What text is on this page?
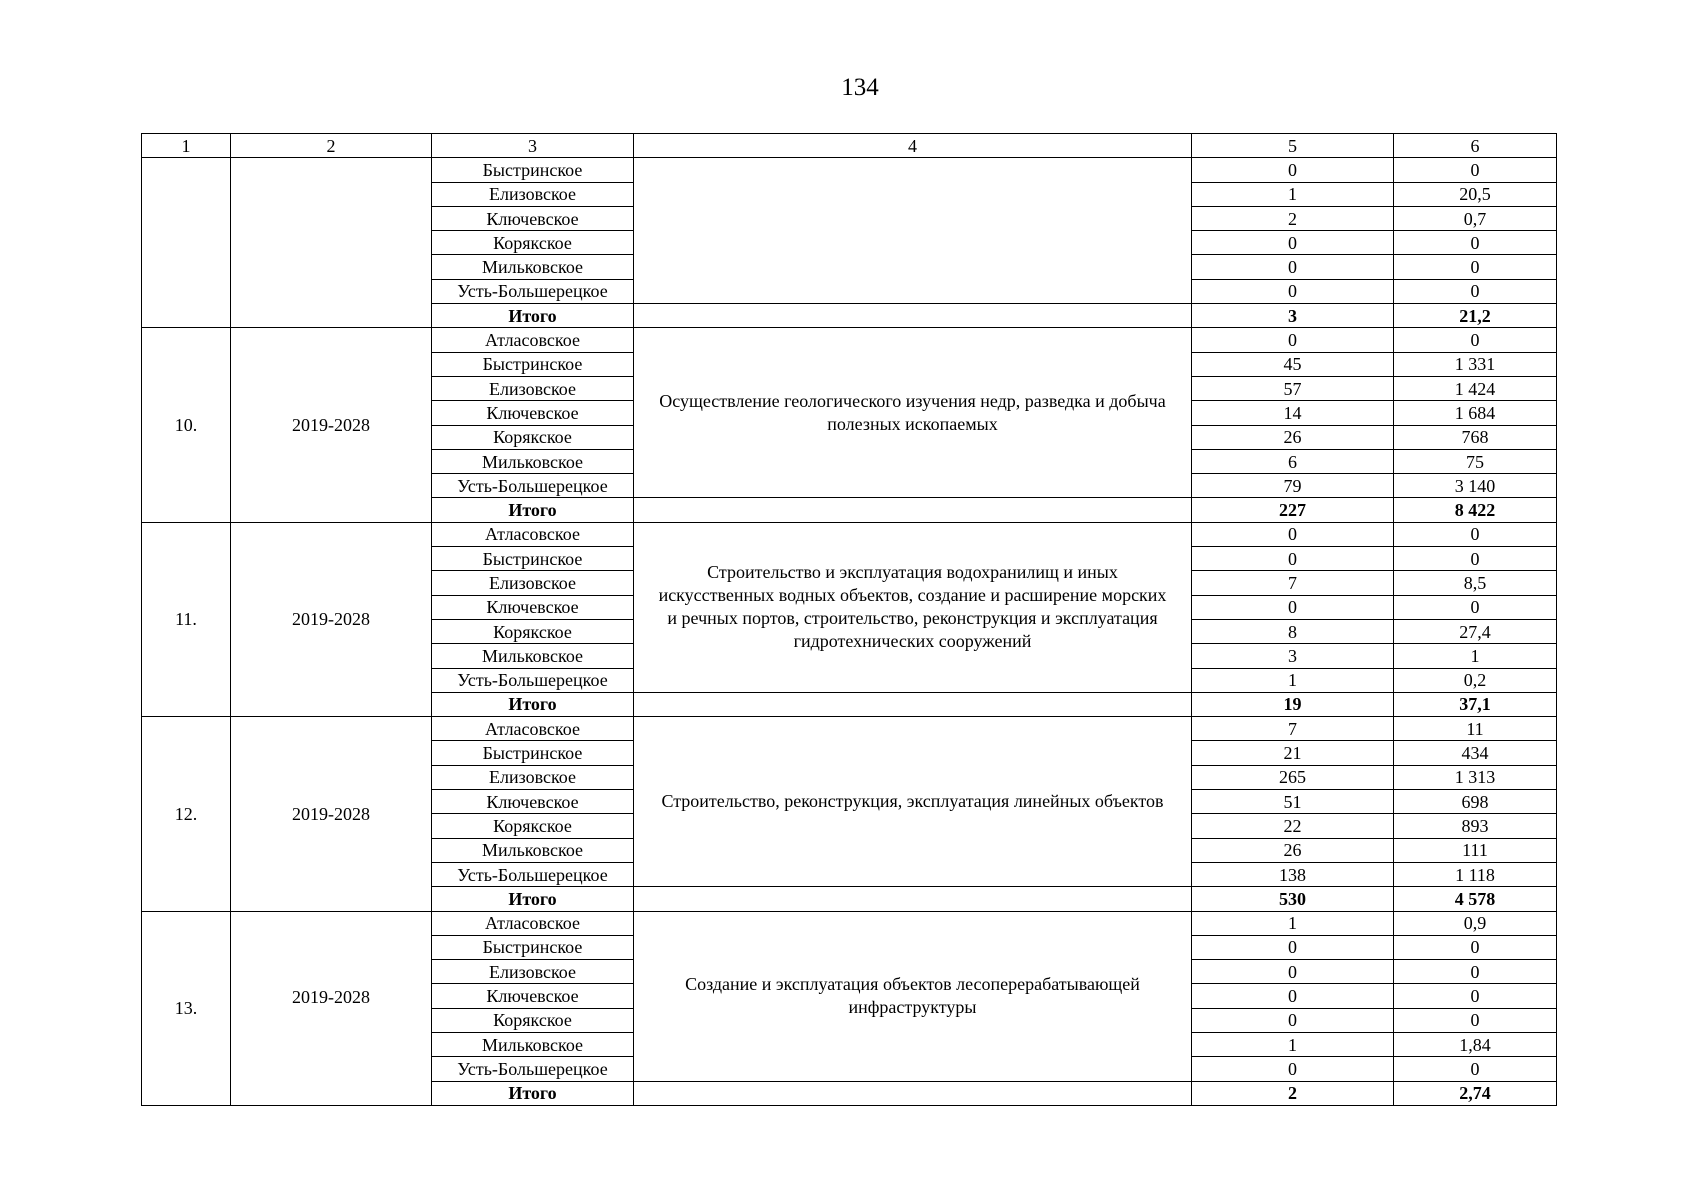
134
1	2	3	4	5	6
		Быстринское		0	0
		Елизовское		1	20,5
		Ключевское		2	0,7
		Корякское		0	0
		Мильковское		0	0
		Усть-Большерецкое		0	0
		Итого		3	21,2
10.	2019-2028	Атласовское	Осуществление геологического изучения недр, разведка и добыча полезных ископаемых	0	0
		Быстринское		45	1 331
		Елизовское		57	1 424
		Ключевское		14	1 684
		Корякское		26	768
		Мильковское		6	75
		Усть-Большерецкое		79	3 140
		Итого		227	8 422
11.	2019-2028	Атласовское	Строительство и эксплуатация водохранилищ и иных искусственных водных объектов, создание и расширение морских и речных портов, строительство, реконструкция и эксплуатация гидротехнических сооружений	0	0
		Быстринское		0	0
		Елизовское		7	8,5
		Ключевское		0	0
		Корякское		8	27,4
		Мильковское		3	1
		Усть-Большерецкое		1	0,2
		Итого		19	37,1
12.	2019-2028	Атласовское	Строительство, реконструкция, эксплуатация линейных объектов	7	11
		Быстринское		21	434
		Елизовское		265	1 313
		Ключевское		51	698
		Корякское		22	893
		Мильковское		26	111
		Усть-Большерецкое		138	1 118
		Итого		530	4 578
13.	2019-2028	Атласовское	Создание и эксплуатация объектов лесоперерабатывающей инфраструктуры	1	0,9
		Быстринское		0	0
		Елизовское		0	0
		Ключевское		0	0
		Корякское		0	0
		Мильковское		1	1,84
		Усть-Большерецкое		0	0
		Итого		2	2,74
